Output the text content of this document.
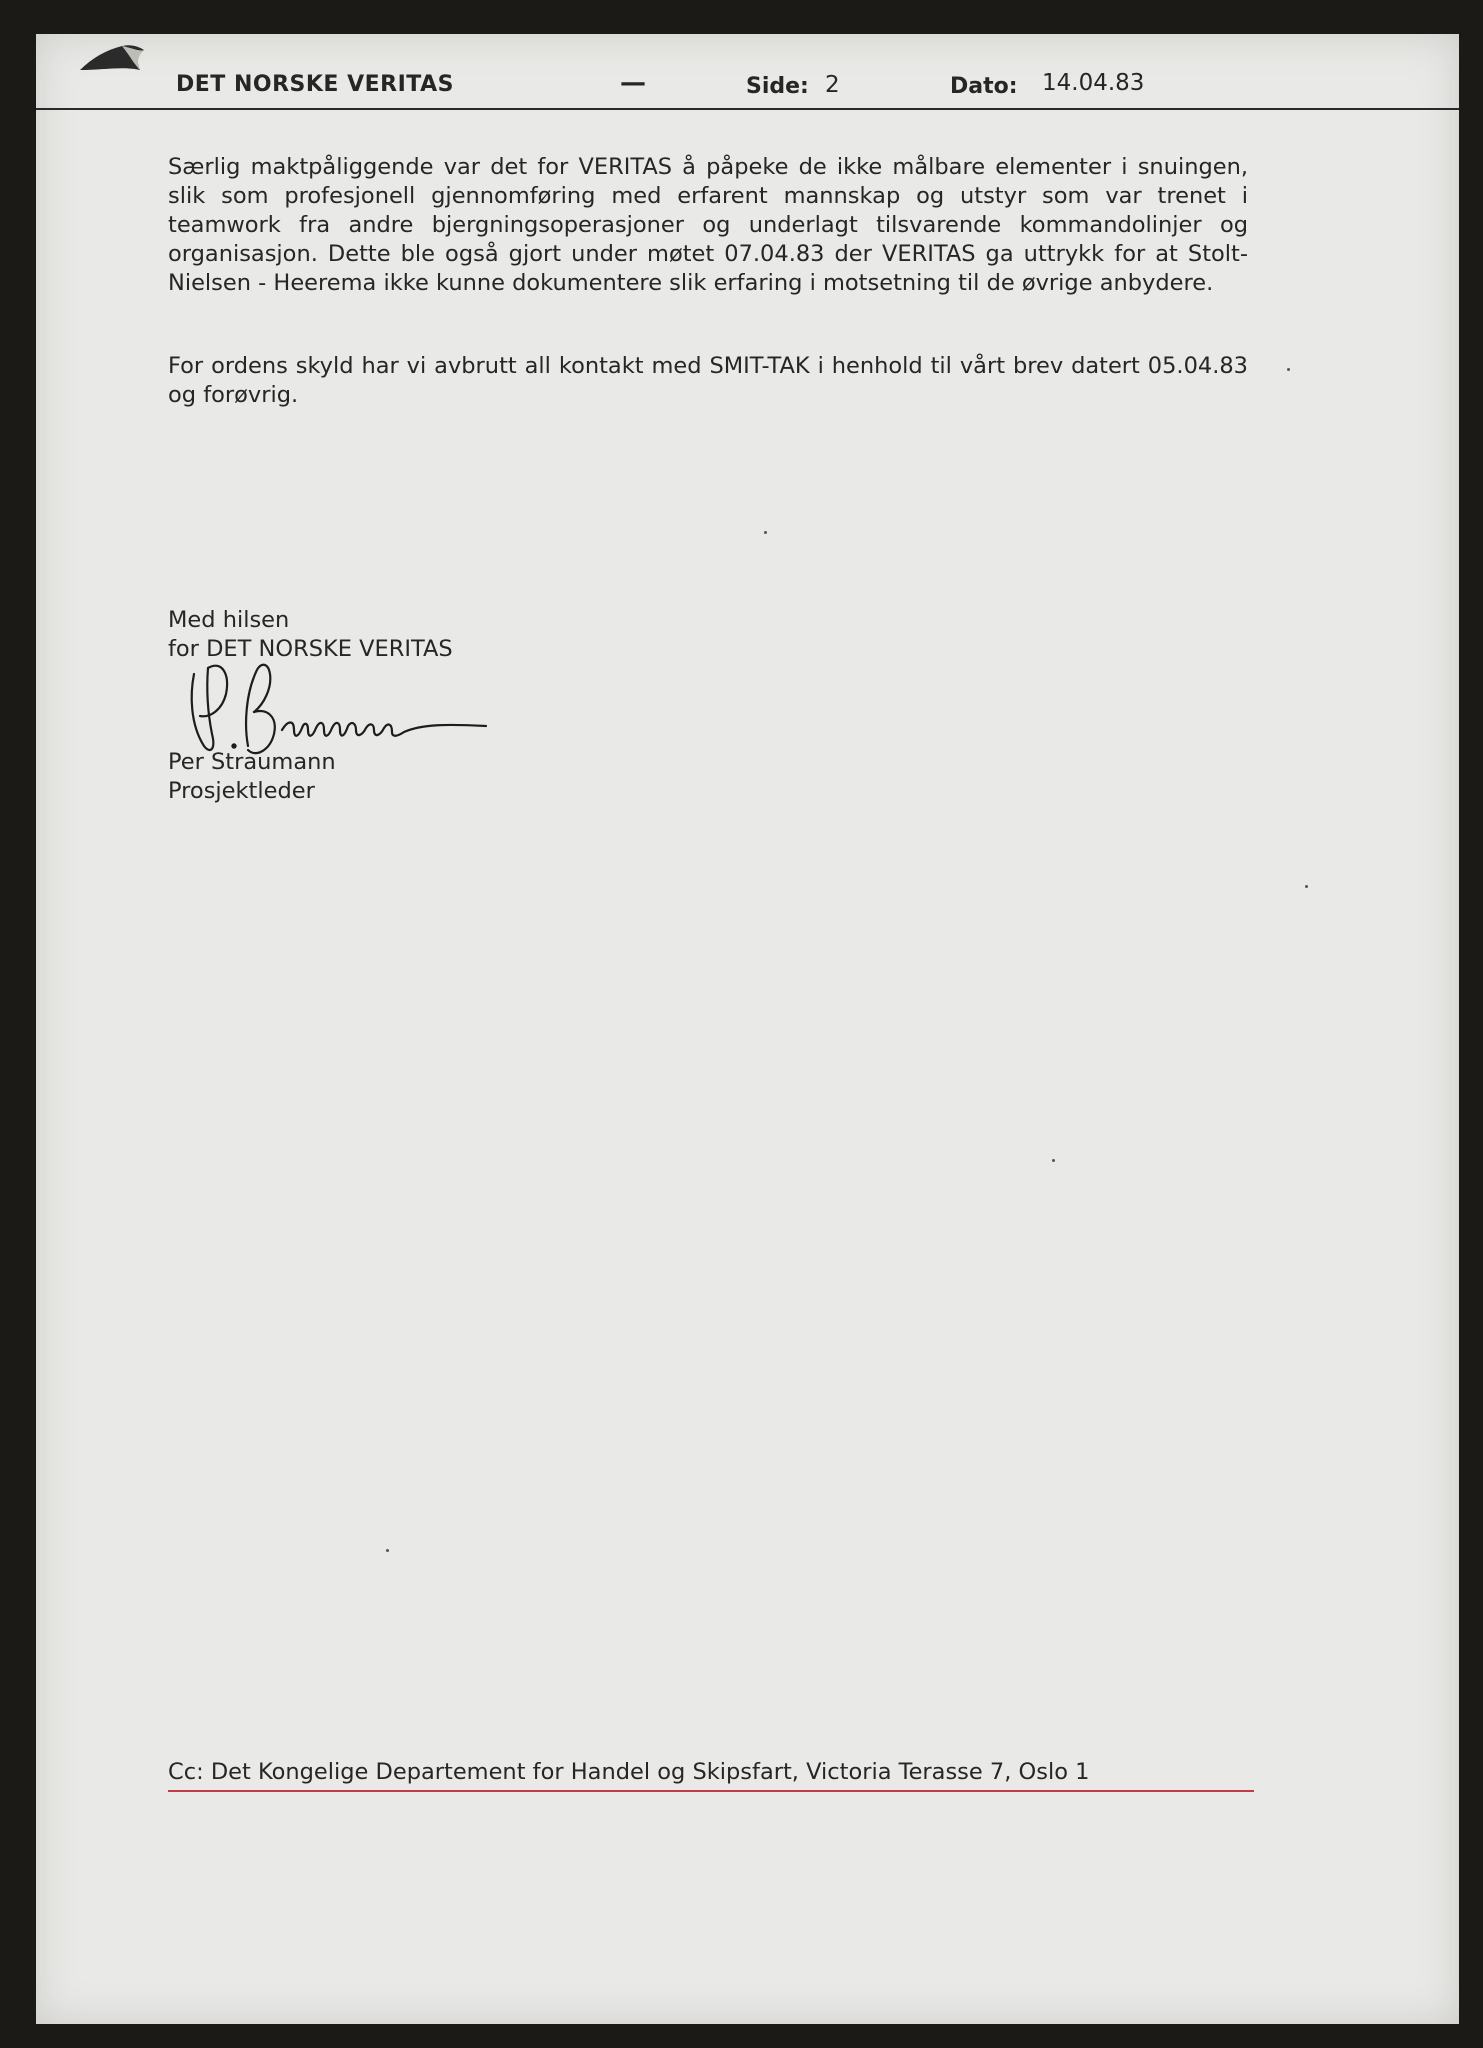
DET NORSKE VERITAS	—	Side: 2	Dato: 14.04.83

Særlig maktpåliggende var det for VERITAS å påpeke de ikke målbare elementer i snuingen, slik som profesjonell gjennomføring med erfarent mannskap og utstyr som var trenet i teamwork fra andre bjergningsoperasjoner og underlagt tilsvarende kommandolinjer og organisasjon. Dette ble også gjort under møtet 07.04.83 der VERITAS ga uttrykk for at Stolt-Nielsen - Heerema ikke kunne dokumentere slik erfaring i motsetning til de øvrige anbydere.

For ordens skyld har vi avbrutt all kontakt med SMIT-TAK i henhold til vårt brev datert 05.04.83 og forøvrig.

Med hilsen
for DET NORSKE VERITAS
Per Straumann
Prosjektleder
Cc: Det Kongelige Departement for Handel og Skipsfart, Victoria Terasse 7, Oslo 1
